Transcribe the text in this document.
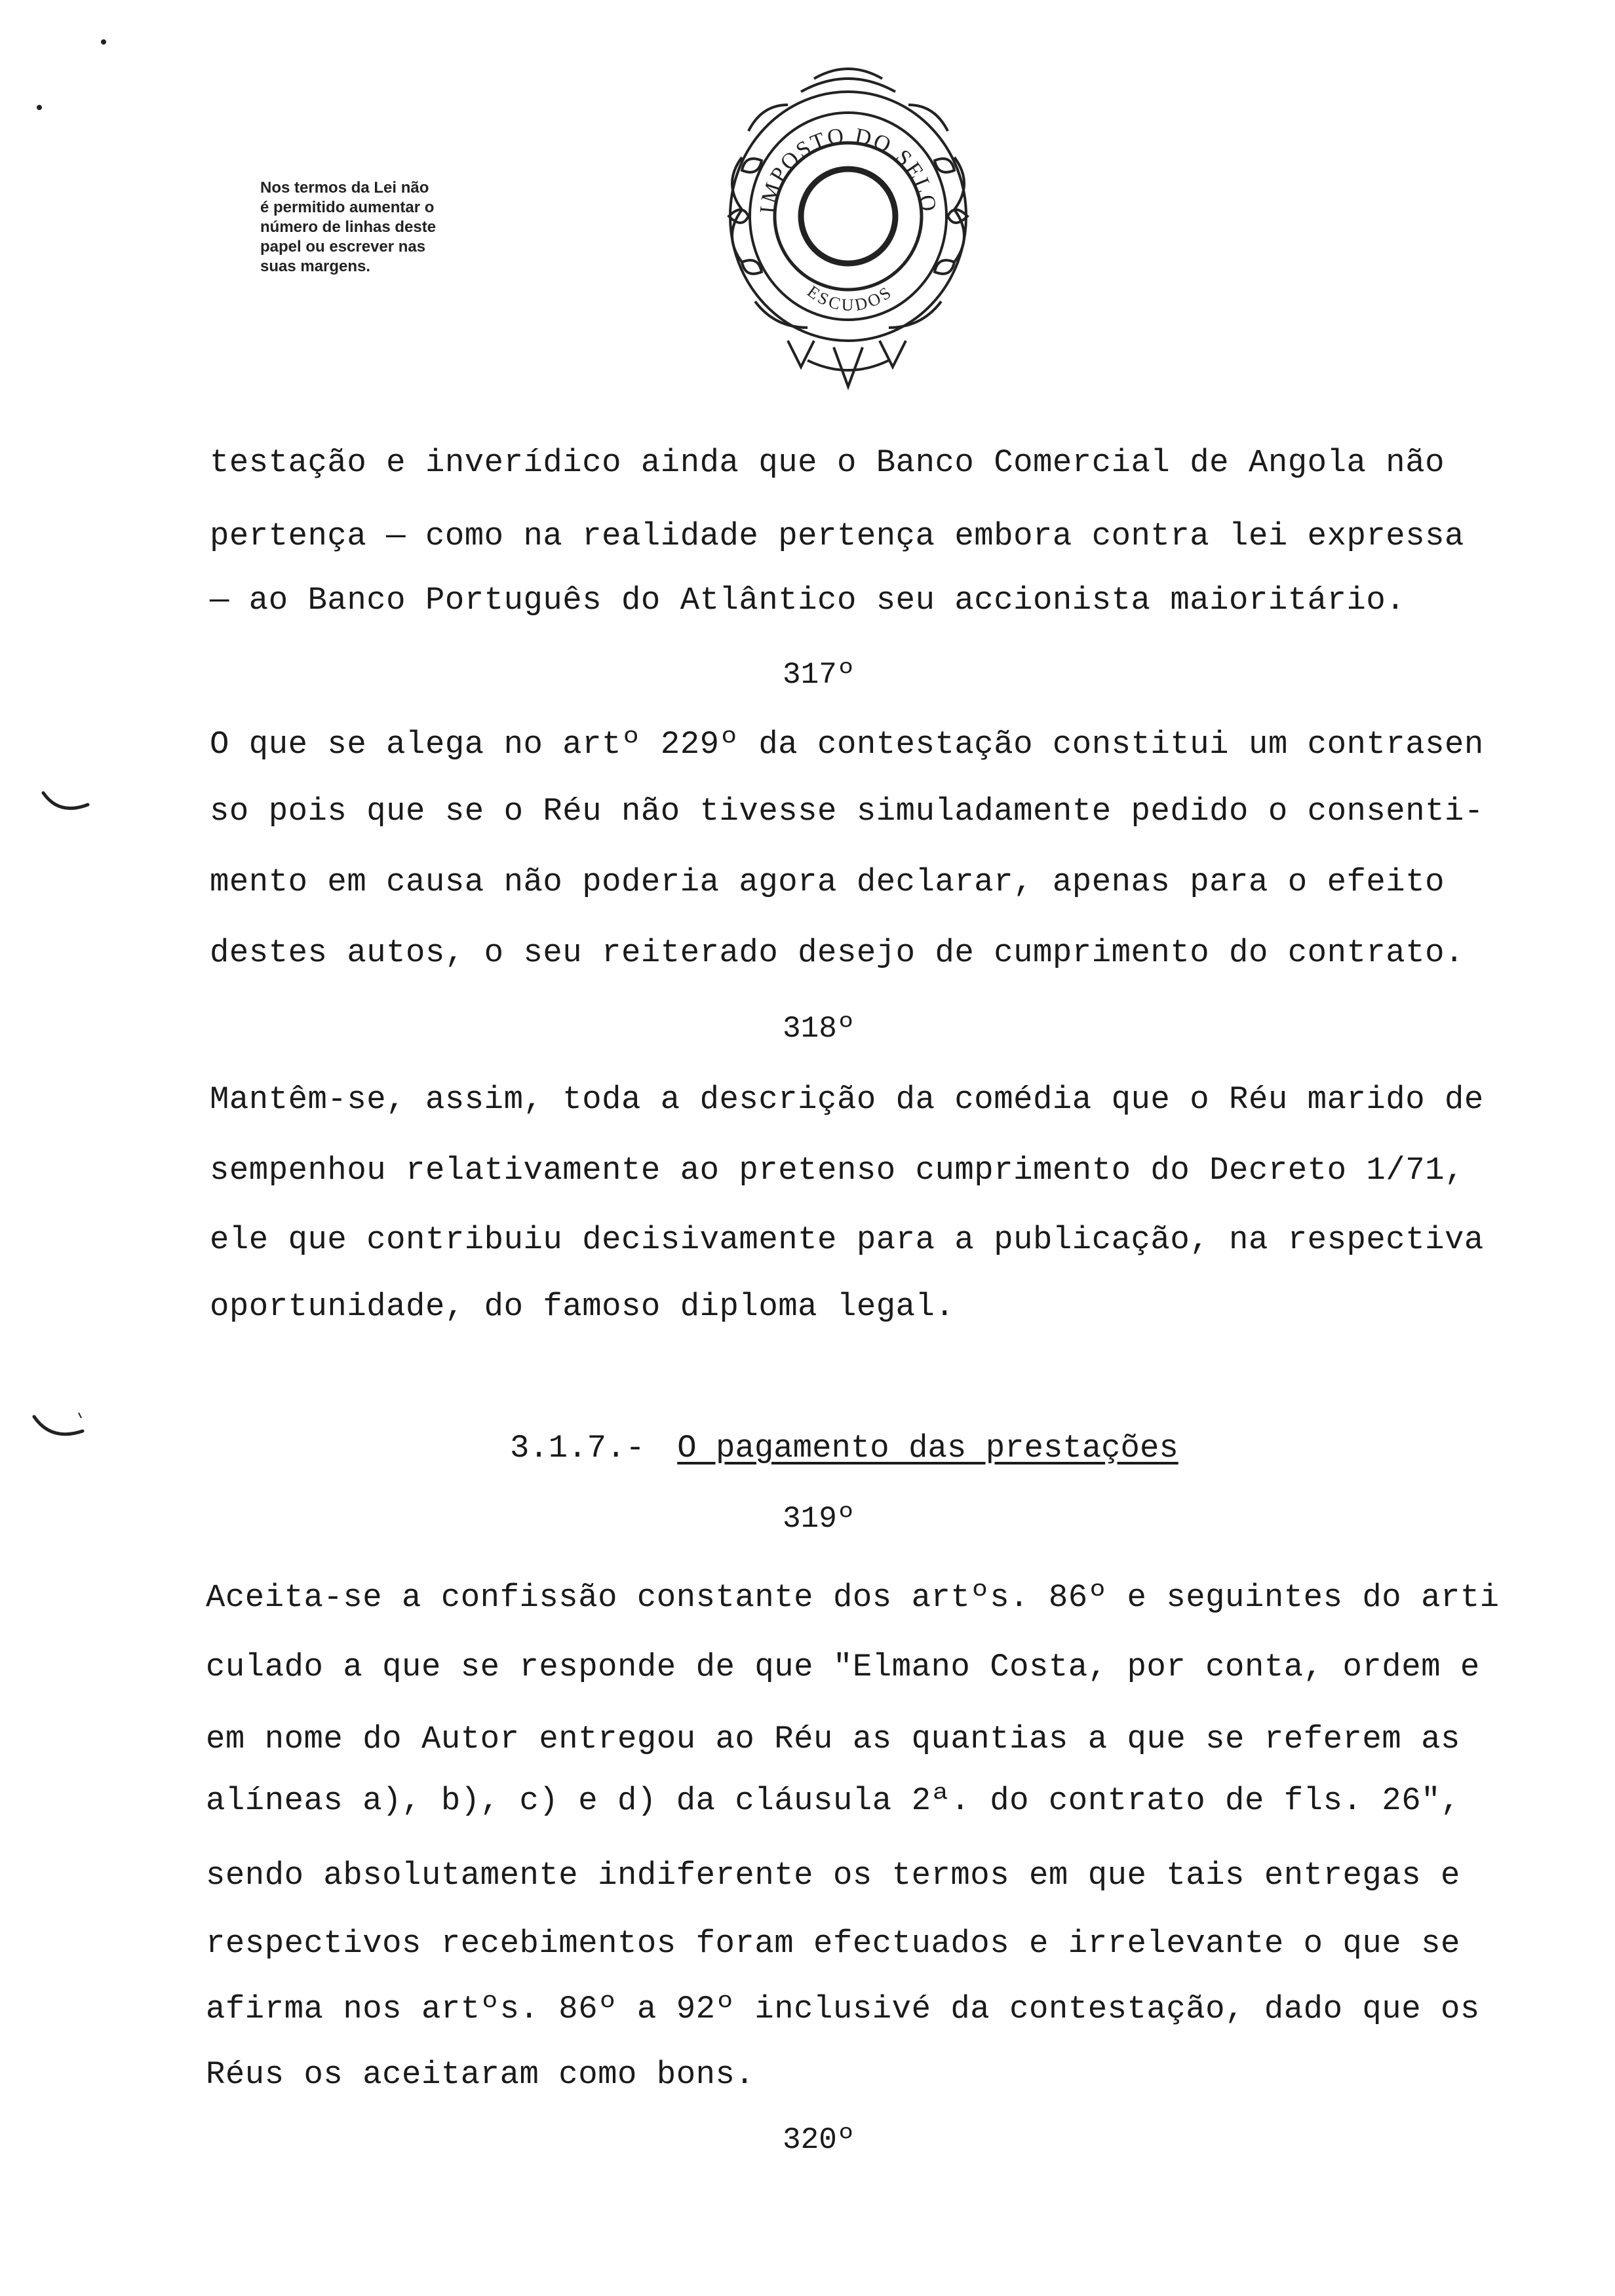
Nos termos da Lei não
é permitido aumentar o
número de linhas deste
papel ou escrever nas
suas margens.
IMPOSTO DO SELO
ESCUDOS
testação e inverídico ainda que o Banco Comercial de Angola não
pertença — como na realidade pertença embora contra lei expressa
— ao Banco Português do Atlântico seu accionista maioritário.
317º
O que se alega no artº 229º da contestação constitui um contrasen
so pois que se o Réu não tivesse simuladamente pedido o consenti-
mento em causa não poderia agora declarar, apenas para o efeito
destes autos, o seu reiterado desejo de cumprimento do contrato.
318º
Mantêm-se, assim, toda a descrição da comédia que o Réu marido de
sempenhou relativamente ao pretenso cumprimento do Decreto 1/71,
ele que contribuiu decisivamente para a publicação, na respectiva
oportunidade, do famoso diploma legal.
3.1.7.- O pagamento das prestações
319º
Aceita-se a confissão constante dos artºs. 86º e seguintes do arti
culado a que se responde de que "Elmano Costa, por conta, ordem e
em nome do Autor entregou ao Réu as quantias a que se referem as
alíneas a), b), c) e d) da cláusula 2ª. do contrato de fls. 26",
sendo absolutamente indiferente os termos em que tais entregas e
respectivos recebimentos foram efectuados e irrelevante o que se
afirma nos artºs. 86º a 92º inclusivé da contestação, dado que os
Réus os aceitaram como bons.
320º
